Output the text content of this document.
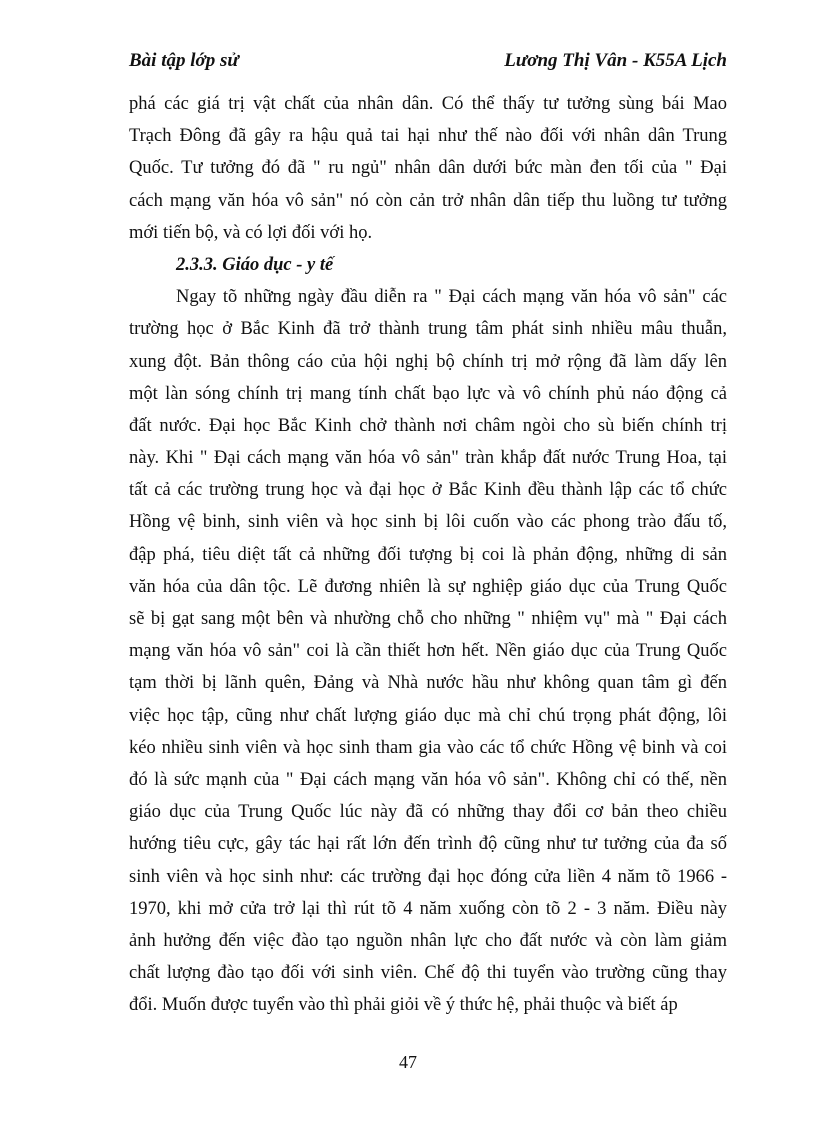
Bài tập lớp sử	Lương Thị Vân - K55A Lịch
phá các giá trị vật chất của nhân dân. Có thể thấy tư tưởng sùng bái Mao
Trạch Đông đã gây ra hậu quả tai hại như thế nào đối với nhân dân Trung
Quốc. Tư tưởng đó đã " ru ngủ" nhân dân dưới bức màn đen tối của " Đại
cách mạng văn hóa vô sản" nó còn cản trở nhân dân tiếp thu luồng tư tưởng
mới tiến bộ, và có lợi đối với họ.
2.3.3. Giáo dục - y tế
Ngay tõ những ngày đầu diễn ra " Đại cách mạng văn hóa vô sản" các
trường học ở Bắc Kinh đã trở thành trung tâm phát sinh nhiều mâu thuẫn,
xung đột. Bản thông cáo của hội nghị bộ chính trị mở rộng đã làm dấy lên
một làn sóng chính trị mang tính chất bạo lực và vô chính phủ náo động cả
đất nước. Đại học Bắc Kinh chở thành nơi châm ngòi cho sù biến chính trị
này. Khi " Đại cách mạng văn hóa vô sản" tràn khắp đất nước Trung Hoa, tại
tất cả các trường trung học và đại học ở Bắc Kinh đều thành lập các tổ chức
Hồng vệ binh, sinh viên và học sinh bị lôi cuốn vào các phong trào đấu tố,
đập phá, tiêu diệt tất cả những đối tượng bị coi là phản động, những di sản
văn hóa của dân tộc. Lẽ đương nhiên là sự nghiệp giáo dục của Trung Quốc
sẽ bị gạt sang một bên và nhường chỗ cho những " nhiệm vụ" mà " Đại cách
mạng văn hóa vô sản" coi là cần thiết hơn hết. Nền giáo dục của Trung Quốc
tạm thời bị lãnh quên, Đảng và Nhà nước hầu như không quan tâm gì đến
việc học tập, cũng như chất lượng giáo dục mà chỉ chú trọng phát động, lôi
kéo nhiều sinh viên và học sinh tham gia vào các tổ chức Hồng vệ binh và coi
đó là sức mạnh của " Đại cách mạng văn hóa vô sản". Không chỉ có thế, nền
giáo dục của Trung Quốc lúc này đã có những thay đổi cơ bản theo chiều
hướng tiêu cực, gây tác hại rất lớn đến trình độ cũng như tư tưởng của đa số
sinh viên và học sinh như: các trường đại học đóng cửa liền 4 năm tõ 1966 -
1970, khi mở cửa trở lại thì rút tõ 4 năm xuống còn tõ 2 - 3 năm. Điều này
ảnh hưởng đến việc đào tạo nguồn nhân lực cho đất nước và còn làm giảm
chất lượng đào tạo đối với sinh viên. Chế độ thi tuyển vào trường cũng thay
đổi. Muốn được tuyển vào thì phải giỏi về ý thức hệ, phải thuộc và biết áp
47
